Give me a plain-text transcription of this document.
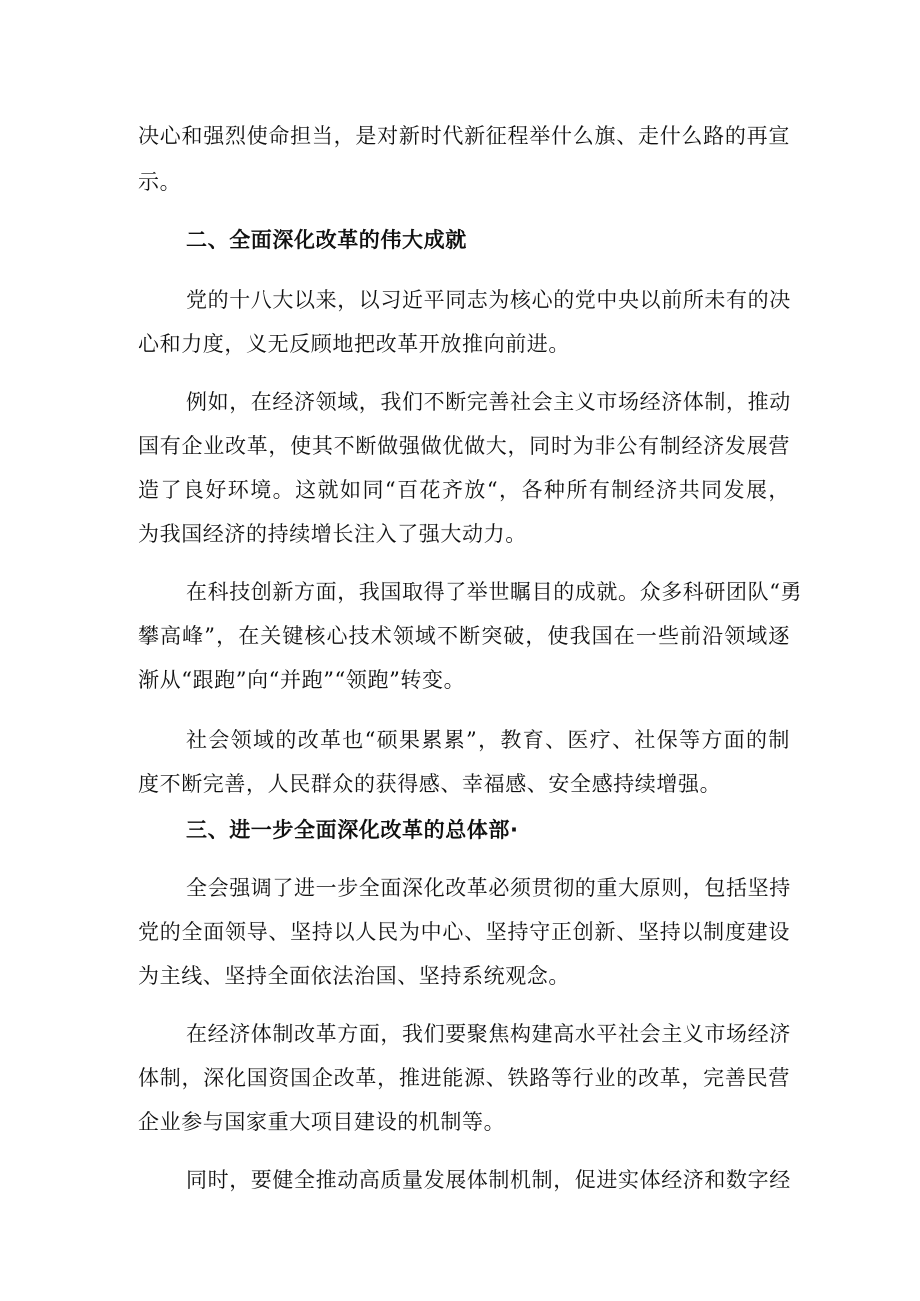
决心和强烈使命担当，是对新时代新征程举什么旗、走什么路的再宣
示。
二、全面深化改革的伟大成就
党的十八大以来，以习近平同志为核心的党中央以前所未有的决
心和力度，义无反顾地把改革开放推向前进。
例如，在经济领域，我们不断完善社会主义市场经济体制，推动
国有企业改革，使其不断做强做优做大，同时为非公有制经济发展营
造了良好环境。这就如同“百花齐放“，各种所有制经济共同发展，
为我国经济的持续增长注入了强大动力。
在科技创新方面，我国取得了举世瞩目的成就。众多科研团队“勇
攀高峰”，在关键核心技术领域不断突破，使我国在一些前沿领域逐
渐从“跟跑”向“并跑”“领跑”转变。
社会领域的改革也“硕果累累”，教育、医疗、社保等方面的制
度不断完善，人民群众的获得感、幸福感、安全感持续增强。
三、进一步全面深化改革的总体部·
全会强调了进一步全面深化改革必须贯彻的重大原则，包括坚持
党的全面领导、坚持以人民为中心、坚持守正创新、坚持以制度建设
为主线、坚持全面依法治国、坚持系统观念。
在经济体制改革方面，我们要聚焦构建高水平社会主义市场经济
体制，深化国资国企改革，推进能源、铁路等行业的改革，完善民营
企业参与国家重大项目建设的机制等。
同时，要健全推动高质量发展体制机制，促进实体经济和数字经
